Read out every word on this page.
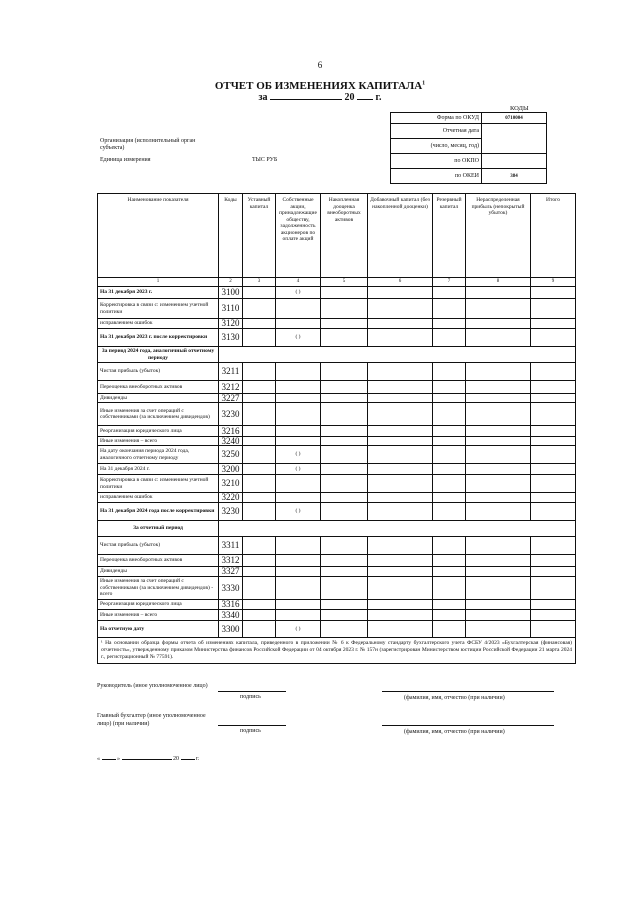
6
ОТЧЕТ ОБ ИЗМЕНЕНИЯХ КАПИТАЛА$^1$
за	20 г.
КОДЫ
Форма по ОКУД	0710004
Отчетная дата	
(число, месяц, год)	
по ОКПО	
по ОКЕИ	384
Организация (исполнительный орган субъекта)
Единица измерения	ТЫС РУБ
Наименование показателя	Коды	Уставный капитал	Собственные акции, принадлежащие обществу, задолженность акционеров по оплате акций	Накопленная дооценка внеоборотных активов	Добавочный капитал (без накопленной дооценки)	Резервный капитал	Нераспределенная прибыль (непокрытый убыток)	Итого
1	2	3	4	5	6	7	8	9
На 31 декабря 2023 г.	3100		( )					
Корректировка в связи с: изменением учетной политики	3110							
исправлением ошибок	3120							
На 31 декабря 2023 г. после корректировки	3130		( )					
За период 2024 года, аналогичный отчетному периоду								
Чистая прибыль (убыток)	3211							
Переоценка внеоборотных активов	3212							
Дивиденды	3227							
Иные изменения за счет операций с собственниками (за исключением дивидендов)	3230							
Реорганизация юридического лица	3216							
Иные изменения – всего	3240							
На дату окончания периода 2024 года, аналогичного отчетному периоду	3250		( )					
На 31 декабря 2024 г.	3200		( )					
Корректировка в связи с: изменением учетной политики	3210							
исправлением ошибок	3220							
На 31 декабря 2024 года после корректировки	3230		( )					
За отчетный период								
Чистая прибыль (убыток)	3311							
Переоценка внеоборотных активов	3312							
Дивиденды	3327							
Иные изменения за счет операций с собственниками (за исключением дивидендов) - всего	3330							
Реорганизация юридического лица	3316							
Иные изменения – всего	3340							
На отчетную дату	3300		( )					
¹ На основании образца формы отчета об изменениях капитала, приведенного в приложении № 6 к Федеральному стандарту бухгалтерского учета ФСБУ 4/2023 «Бухгалтерская (финансовая) отчетность», утвержденному приказом Министерства финансов Российской Федерации от 04 октября 2023 г. № 157н (зарегистрирован Министерством юстиции Российской Федерации 21 марта 2024 г., регистрационный № 77591).								
Руководитель (иное уполномоченное лицо)
подпись	(фамилия, имя, отчество (при наличии)
Главный бухгалтер (иное уполномоченное лицо) (при наличии)
подпись	(фамилия, имя, отчество (при наличии)
«	»	20	г.
